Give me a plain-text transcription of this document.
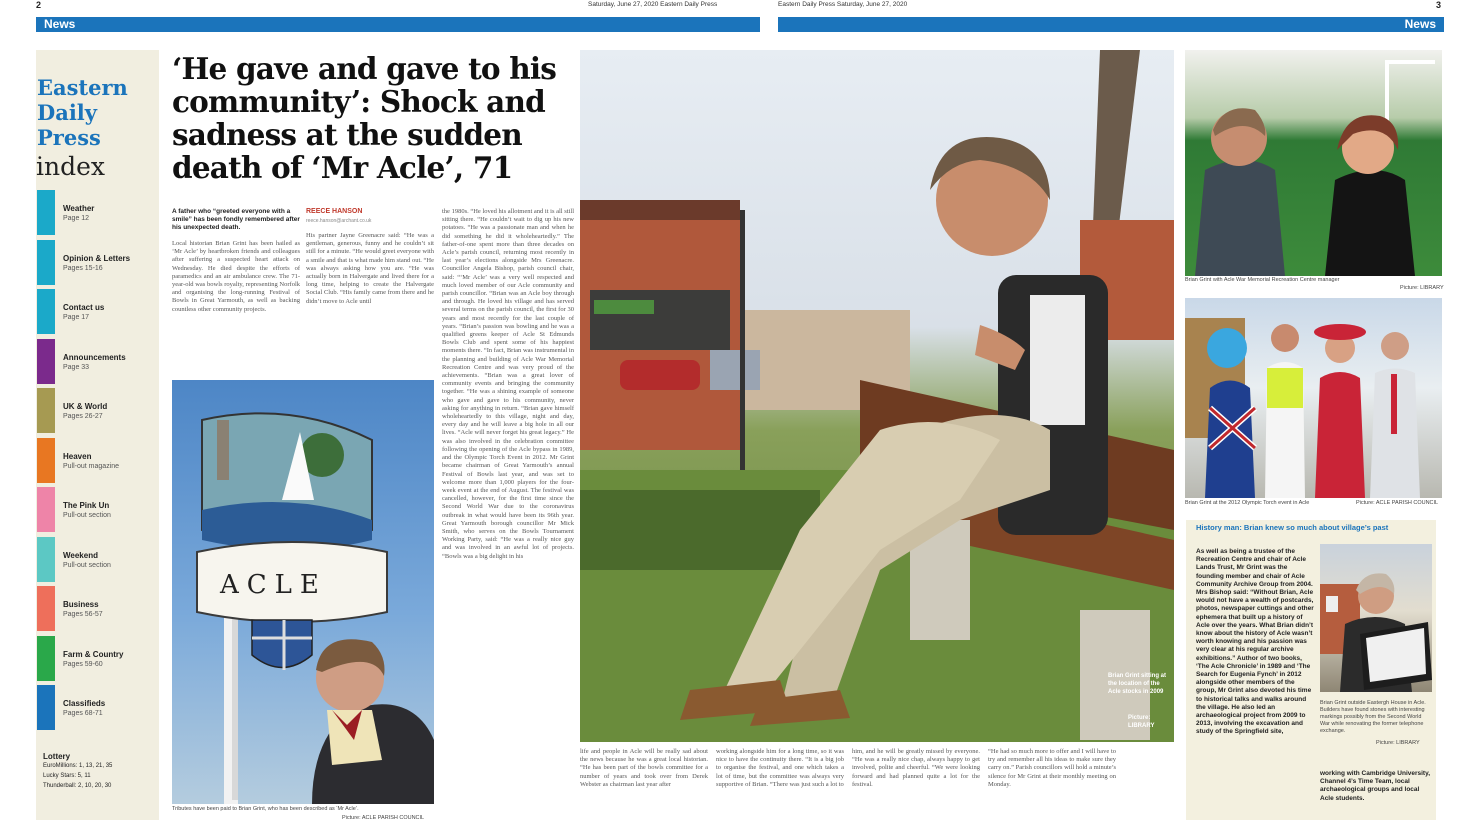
2	Saturday, June 27, 2020 Eastern Daily Press
News
Eastern Daily Press Saturday, June 27, 2020	3
News
Eastern
Daily
Press
index
Weather
Page 12
Opinion & Letters
Pages 15-16
Contact us
Page 17
Announcements
Page 33
UK & World
Pages 26-27
Heaven
Pull-out magazine
The Pink Un
Pull-out section
Weekend
Pull-out section
Business
Pages 56-57
Farm & Country
Pages 59-60
Classifieds
Pages 68-71
Lottery
EuroMillions: 1, 13, 21, 35
Lucky Stars: 5, 11
Thunderball: 2, 10, 20, 30
‘He gave and gave to his community’: Shock and sadness at the sudden death of ‘Mr Acle’, 71
A father who “greeted everyone with a smile” has been fondly remembered after his unexpected death.
REECE HANSON
reece.hanson@archant.co.uk
Local historian Brian Grint has been hailed as ‘Mr Acle’ by heartbroken friends and colleagues after suffering a suspected heart attack on Wednesday. He died despite the efforts of paramedics and an air ambulance crew. The 71-year-old was bowls royalty, representing Norfolk and organising the long-running Festival of Bowls in Great Yarmouth, as well as backing countless other community projects.
His partner Jayne Greenacre said: “He was a gentleman, generous, funny and he couldn’t sit still for a minute. “He would greet everyone with a smile and that is what made him stand out. “He was always asking how you are. “He was actually born in Halvergate and lived there for a long time, helping to create the Halvergate Social Club. “His family came from there and he didn’t move to Acle until
the 1980s. “He loved his allotment and it is all still sitting there. “He couldn’t wait to dig up his new potatoes. “He was a passionate man and when he did something he did it wholeheartedly.” The father-of-one spent more than three decades on Acle’s parish council, returning most recently in last year’s elections alongside Mrs Greenacre. Councillor Angela Bishop, parish council chair, said: “‘Mr Acle’ was a very well respected and much loved member of our Acle community and parish councillor. “Brian was an Acle boy through and through. He loved his village and has served several terms on the parish council, the first for 30 years and most recently for the last couple of years. “Brian’s passion was bowling and he was a qualified greens keeper of Acle St Edmunds Bowls Club and spent some of his happiest moments there. “In fact, Brian was instrumental in the planning and building of Acle War Memorial Recreation Centre and was very proud of the achievements. “Brian was a great lover of community events and bringing the community together. “He was a shining example of someone who gave and gave to his community, never asking for anything in return. “Brian gave himself wholeheartedly to this village, night and day, every day and he will leave a big hole in all our lives. “Acle will never forget his great legacy.” He was also involved in the celebration committee following the opening of the Acle bypass in 1989, and the Olympic Torch Event in 2012. Mr Grint became chairman of Great Yarmouth’s annual Festival of Bowls last year, and was set to welcome more than 1,000 players for the four-week event at the end of August. The festival was cancelled, however, for the first time since the Second World War due to the coronavirus outbreak in what would have been its 96th year. Great Yarmouth borough councillor Mr Mick Smith, who serves on the Bowls Tournament Working Party, said: “He was a really nice guy and was involved in an awful lot of projects. “Bowls was a big delight in his
life and people in Acle will be really sad about the news because he was a great local historian. “He has been part of the bowls committee for a number of years and took over from Derek Webster as chairman last year after
working alongside him for a long time, so it was nice to have the continuity there. “It is a big job to organise the festival, and one which takes a lot of time, but the committee was always very supportive of Brian. “There was just such a lot to
him, and he will be greatly missed by everyone. “He was a really nice chap, always happy to get involved, polite and cheerful. “We were looking forward and had planned quite a lot for the festival.
“He had so much more to offer and I will have to try and remember all his ideas to make sure they carry on.” Parish councillors will hold a minute’s silence for Mr Grint at their monthly meeting on Monday.
ACLE
Tributes have been paid to Brian Grint, who has been described as ‘Mr Acle’.
Picture: ACLE PARISH COUNCIL
Brian Grint sitting at the location of the Acle stocks in 2009
Picture: LIBRARY
Brian Grint with Acle War Memorial Recreation Centre manager
Picture: LIBRARY
Brian Grint at the 2012 Olympic Torch event in Acle	Picture: ACLE PARISH COUNCIL
History man: Brian knew so much about village’s past
As well as being a trustee of the Recreation Centre and chair of Acle Lands Trust, Mr Grint was the founding member and chair of Acle Community Archive Group from 2004. Mrs Bishop said: “Without Brian, Acle would not have a wealth of postcards, photos, newspaper cuttings and other ephemera that built up a history of Acle over the years. What Brian didn’t know about the history of Acle wasn’t worth knowing and his passion was very clear at his regular archive exhibitions.” Author of two books, ‘The Acle Chronicle’ in 1989 and ‘The Search for Eugenia Fynch’ in 2012 alongside other members of the group, Mr Grint also devoted his time to historical talks and walks around the village. He also led an archaeological project from 2009 to 2013, involving the excavation and study of the Springfield site,
Brian Grint outside Eastergh House in Acle. Builders have found stones with interesting markings possibly from the Second World War while renovating the former telephone exchange.
Picture: LIBRARY
working with Cambridge University, Channel 4’s Time Team, local archaeological groups and local Acle students.
